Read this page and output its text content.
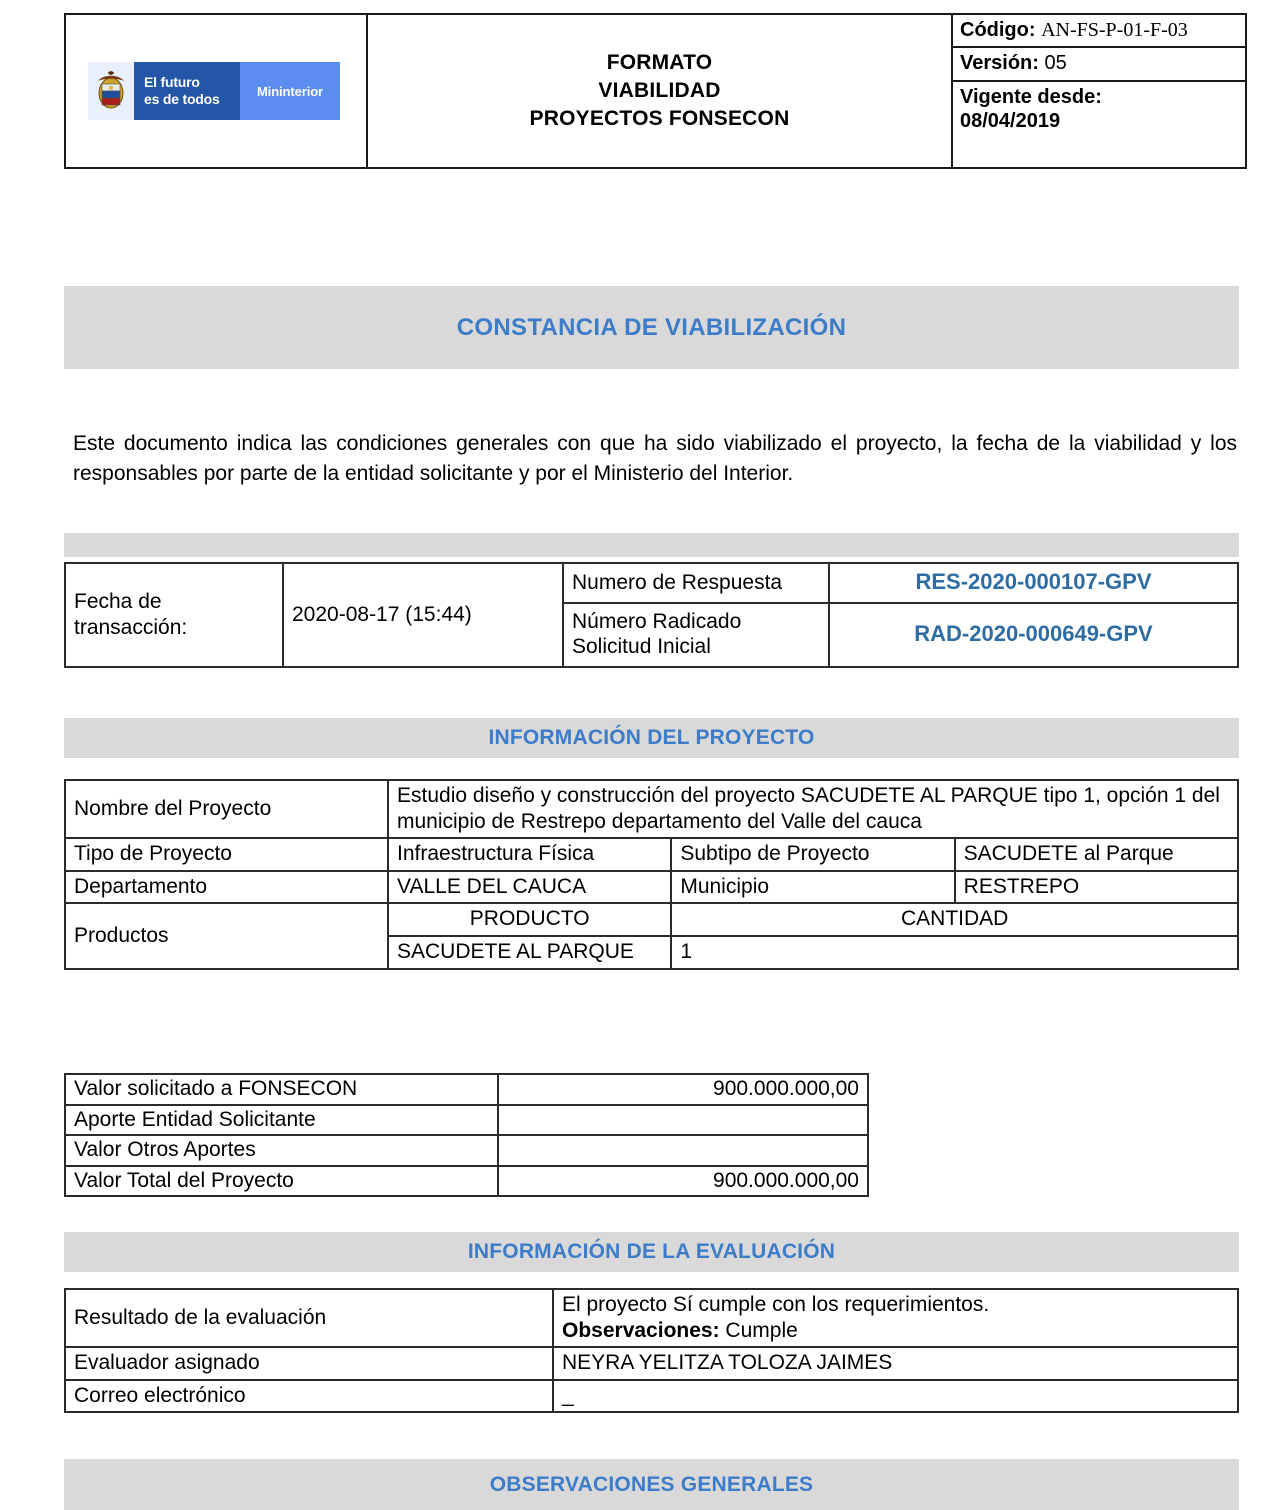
El futuro
es de todos	Mininterior

FORMATO
VIABILIDAD
PROYECTOS FONSECON

Código: AN-FS-P-01-F-03
Versión: 05
Vigente desde:
08/04/2019
CONSTANCIA DE VIABILIZACIÓN

Este documento indica las condiciones generales con que ha sido viabilizado el proyecto, la fecha de la viabilidad y los responsables por parte de la entidad solicitante y por el Ministerio del Interior.

Fecha de transacción:	2020-08-17 (15:44)	Numero de Respuesta	RES-2020-000107-GPV
		Número Radicado Solicitud Inicial	RAD-2020-000649-GPV
INFORMACIÓN DEL PROYECTO
Nombre del Proyecto	Estudio diseño y construcción del proyecto SACUDETE AL PARQUE tipo 1, opción 1 del municipio de Restrepo departamento del Valle del cauca		
Tipo de Proyecto	Infraestructura Física	Subtipo de Proyecto	SACUDETE al Parque
Departamento	VALLE DEL CAUCA	Municipio	RESTREPO
Productos	PRODUCTO	CANTIDAD	
	SACUDETE AL PARQUE	1	
Valor solicitado a FONSECON	900.000.000,00
Aporte Entidad Solicitante	
Valor Otros Aportes	
Valor Total del Proyecto	900.000.000,00
INFORMACIÓN DE LA EVALUACIÓN
Resultado de la evaluación	El proyecto Sí cumple con los requerimientos.
Observaciones: Cumple

Evaluador asignado	NEYRA YELITZA TOLOZA JAIMES
Correo electrónico	_
OBSERVACIONES GENERALES
